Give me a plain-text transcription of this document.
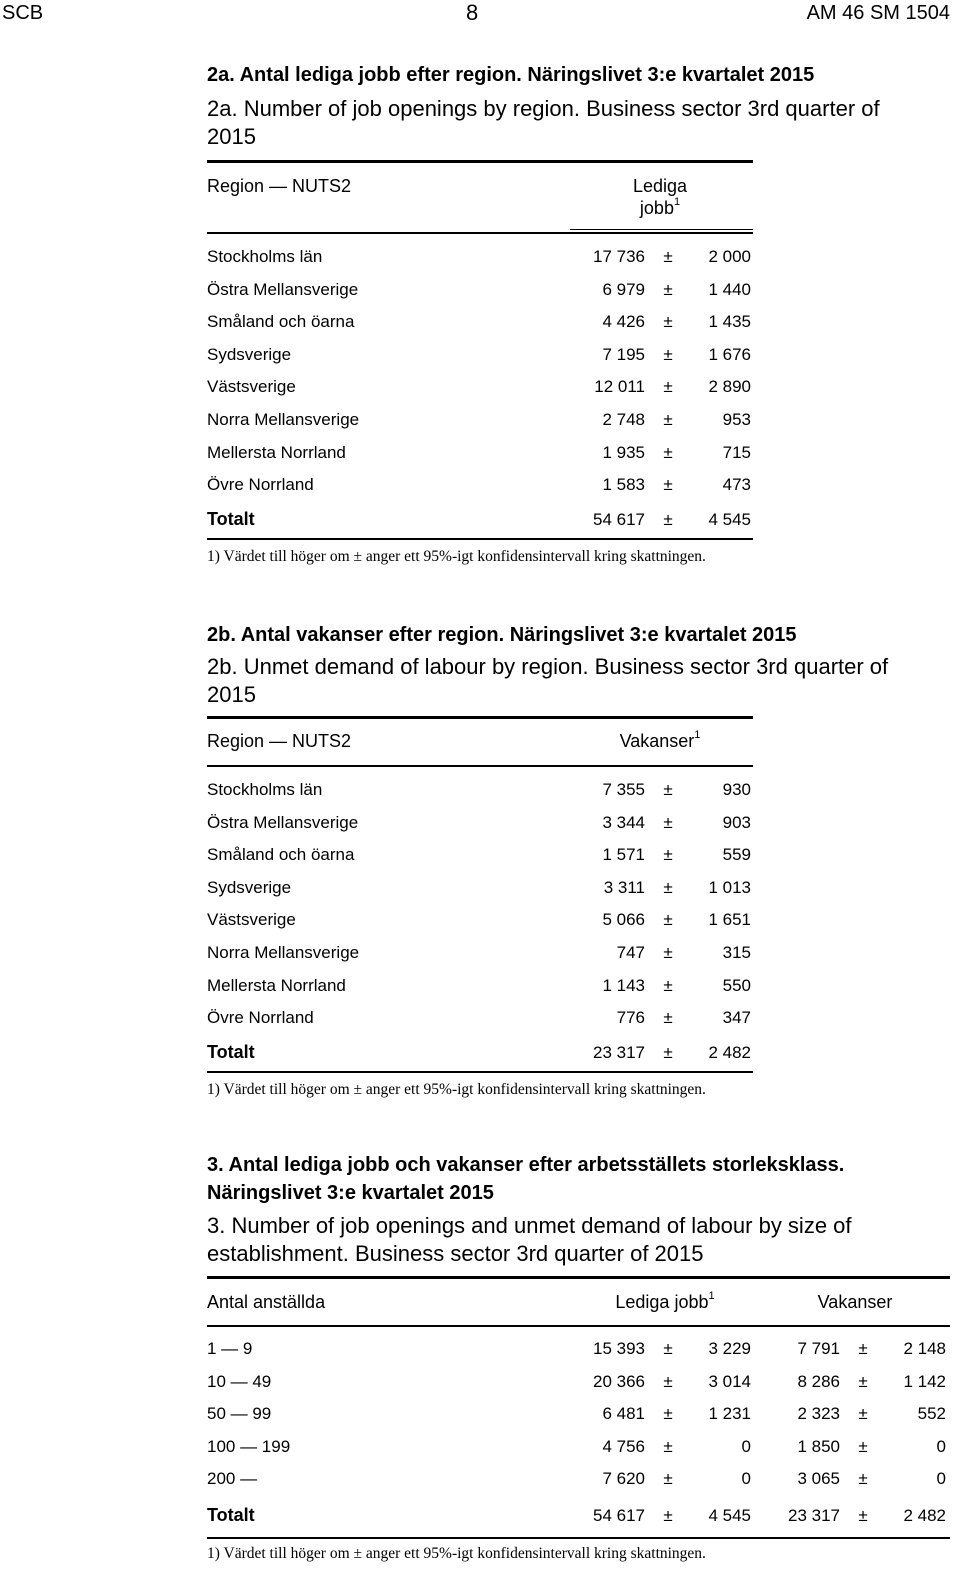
SCB	8	AM 46 SM 1504
2a. Antal lediga jobb efter region. Näringslivet 3:e kvartalet 2015
2a. Number of job openings by region. Business sector 3rd quarter of
2015
Region — NUTS2	Lediga
jobb$^1$
Stockholms län	17 736	±	2 000
Östra Mellansverige	6 979	±	1 440
Småland och öarna	4 426	±	1 435
Sydsverige	7 195	±	1 676
Västsverige	12 011	±	2 890
Norra Mellansverige	2 748	±	953
Mellersta Norrland	1 935	±	715
Övre Norrland	1 583	±	473
Totalt	54 617	±	4 545
1) Värdet till höger om ± anger ett 95%-igt konfidensintervall kring skattningen.
2b. Antal vakanser efter region. Näringslivet 3:e kvartalet 2015
2b. Unmet demand of labour by region. Business sector 3rd quarter of
2015
Region — NUTS2	Vakanser$^1$
Stockholms län	7 355	±	930
Östra Mellansverige	3 344	±	903
Småland och öarna	1 571	±	559
Sydsverige	3 311	±	1 013
Västsverige	5 066	±	1 651
Norra Mellansverige	747	±	315
Mellersta Norrland	1 143	±	550
Övre Norrland	776	±	347
Totalt	23 317	±	2 482
1) Värdet till höger om ± anger ett 95%-igt konfidensintervall kring skattningen.
3. Antal lediga jobb och vakanser efter arbetsställets storleksklass.
Näringslivet 3:e kvartalet 2015
3. Number of job openings and unmet demand of labour by size of
establishment. Business sector 3rd quarter of 2015
Antal anställda	Lediga jobb$^1$	Vakanser
1 — 9	15 393	±	3 229	7 791	±	2 148
10 — 49	20 366	±	3 014	8 286	±	1 142
50 — 99	6 481	±	1 231	2 323	±	552
100 — 199	4 756	±	0	1 850	±	0
200 —	7 620	±	0	3 065	±	0
Totalt	54 617	±	4 545	23 317	±	2 482
1) Värdet till höger om ± anger ett 95%-igt konfidensintervall kring skattningen.
